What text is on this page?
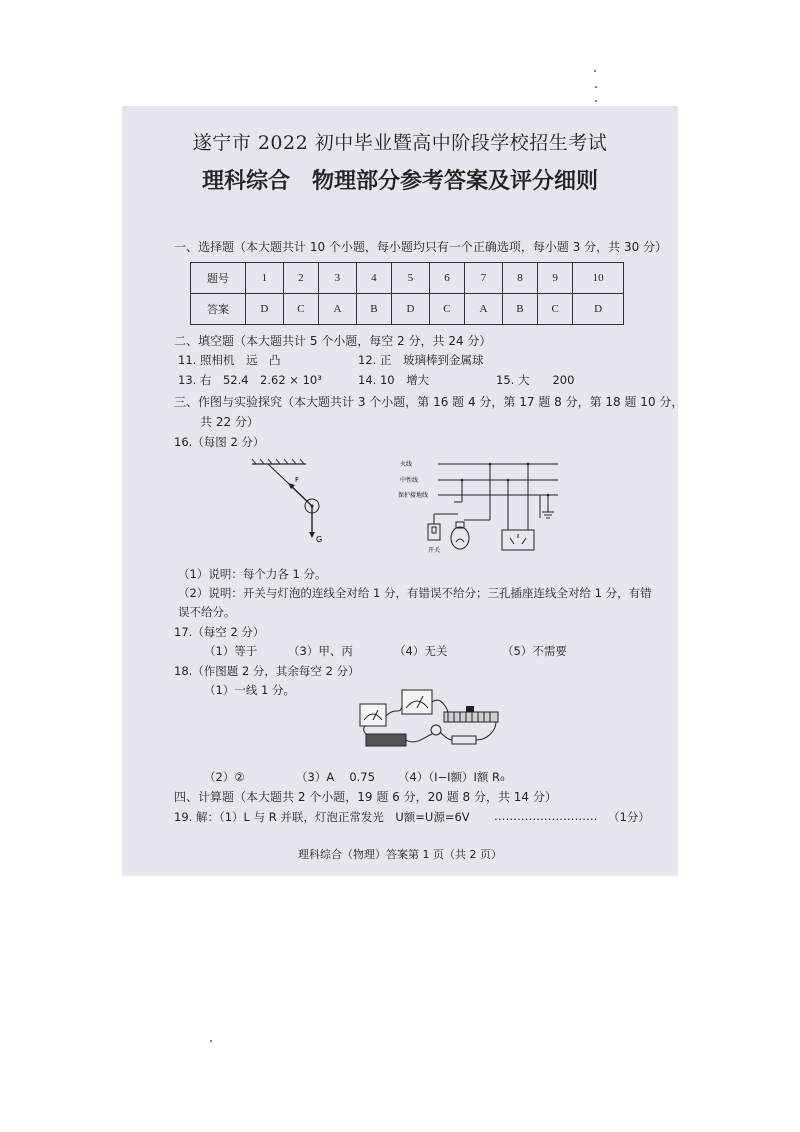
遂宁市 2022 初中毕业暨高中阶段学校招生考试
理科综合　物理部分参考答案及评分细则
一、选择题（本大题共计 10 个小题，每小题均只有一个正确选项，每小题 3 分，共 30 分）
题号	1	2	3	4	5	6	7	8	9	10
答案	D	C	A	B	D	C	A	B	C	D
二、填空题（本大题共计 5 个小题，每空 2 分，共 24 分）
11. 照相机　远　凸	12. 正　玻璃棒到金属球
13. 右　52.4　2.62 × 10³	14. 10　增大	15. 大　　200
三、作图与实验探究（本大题共计 3 个小题，第 16 题 4 分，第 17 题 8 分，第 18 题 10 分，
共 22 分）
16.（每图 2 分）
F
G
火线
中性线
保护接地线
开关
（1）说明：每个力各 1 分。
（2）说明：开关与灯泡的连线全对给 1 分，有错误不给分；三孔插座连线全对给 1 分，有错
误不给分。
17.（每空 2 分）
（1）等于	（3）甲、丙	（4）无关	（5）不需要
18.（作图题 2 分，其余每空 2 分）
（1）一线 1 分。
（2）②	（3）A　 0.75 （4）（I−I额）I额 R₀
四、计算题（本大题共 2 个小题，19 题 6 分，20 题 8 分，共 14 分）
19. 解：（1）L 与 R 并联，灯泡正常发光　U额=U源=6V ……………………… （1分）
理科综合（物理）答案第 1 页（共 2 页）
